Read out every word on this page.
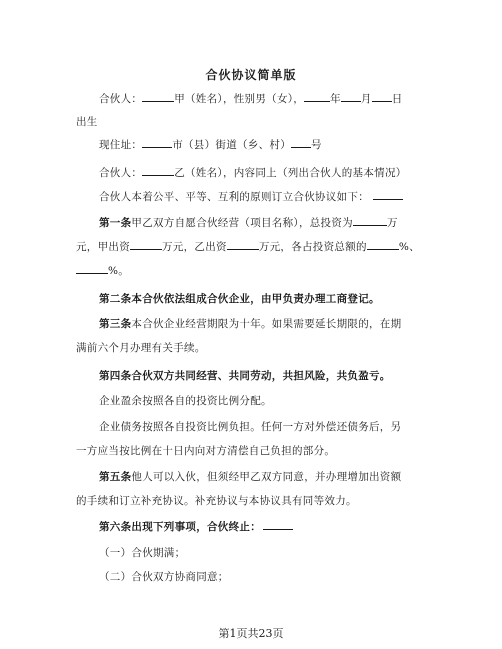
合伙协议简单版
合伙人：	甲（姓名），性别男（女）， 年 月 日
出生
现住址：	市（县）街道（乡、村） 号
合伙人：	乙（姓名），内容同上（列出合伙人的基本情况）
合伙人本着公平、平等、互利的原则订立合伙协议如下：
第一条甲乙双方自愿合伙经营（项目名称），总投资为	万
元，甲出资	万元，乙出资	万元，各占投资总额的	%、
%。
第二条本合伙依法组成合伙企业，由甲负责办理工商登记。
第三条本合伙企业经营期限为十年。如果需要延长期限的，在期
满前六个月办理有关手续。
第四条合伙双方共同经营、共同劳动，共担风险，共负盈亏。
企业盈余按照各自的投资比例分配。
企业债务按照各自投资比例负担。任何一方对外偿还债务后，另
一方应当按比例在十日内向对方清偿自己负担的部分。
第五条他人可以入伙，但须经甲乙双方同意，并办理增加出资额
的手续和订立补充协议。补充协议与本协议具有同等效力。
第六条出现下列事项，合伙终止：
（一）合伙期满；
（二）合伙双方协商同意；
第1页共23页
